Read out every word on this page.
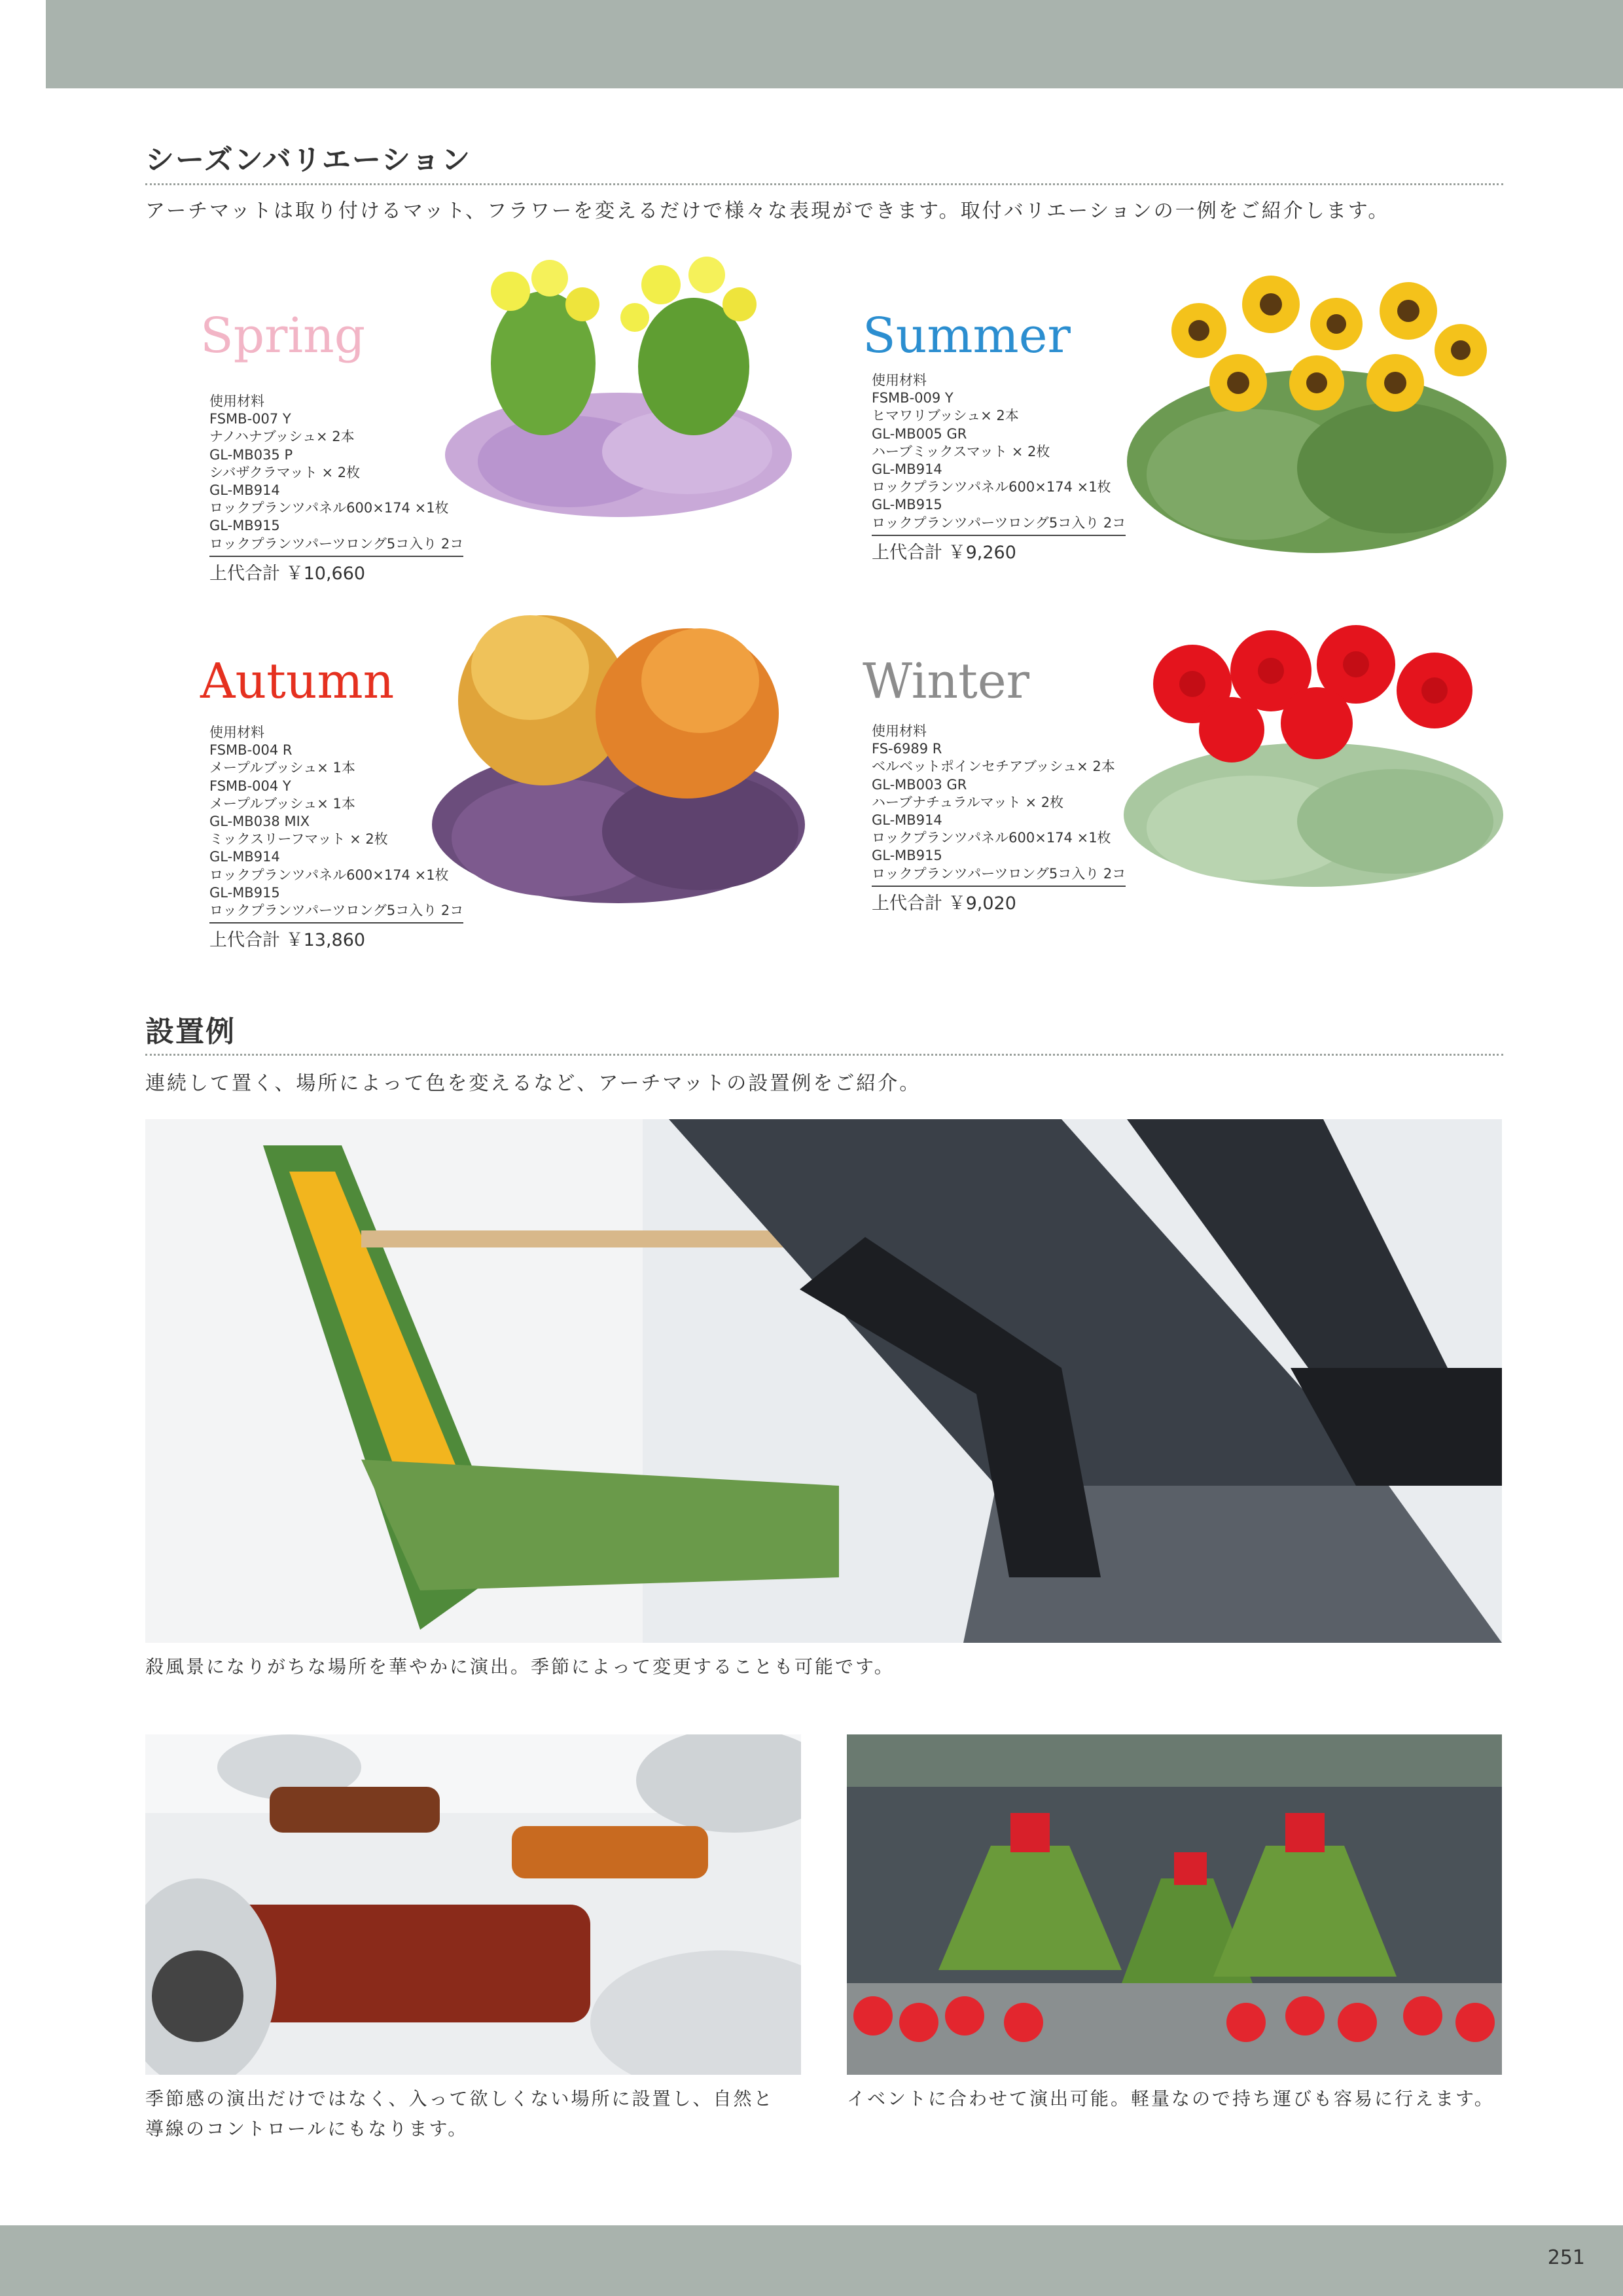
シーズンバリエーション
アーチマットは取り付けるマット、フラワーを変えるだけで様々な表現ができます。取付バリエーションの一例をご紹介します。
Spring
使用材料
FSMB-007 Y
ナノハナブッシュ× 2本
GL-MB035 P
シバザクラマット × 2枚
GL-MB914
ロックプランツパネル600×174 ×1枚
GL-MB915
ロックプランツパーツロング5コ入り 2コ
上代合計 ￥10,660
Summer
使用材料
FSMB-009 Y
ヒマワリブッシュ× 2本
GL-MB005 GR
ハーブミックスマット × 2枚
GL-MB914
ロックプランツパネル600×174 ×1枚
GL-MB915
ロックプランツパーツロング5コ入り 2コ
上代合計 ￥9,260
Autumn
使用材料
FSMB-004 R
メープルブッシュ× 1本
FSMB-004 Y
メープルブッシュ× 1本
GL-MB038 MIX
ミックスリーフマット × 2枚
GL-MB914
ロックプランツパネル600×174 ×1枚
GL-MB915
ロックプランツパーツロング5コ入り 2コ
上代合計 ￥13,860
Winter
使用材料
FS-6989 R
ベルベットポインセチアブッシュ× 2本
GL-MB003 GR
ハーブナチュラルマット × 2枚
GL-MB914
ロックプランツパネル600×174 ×1枚
GL-MB915
ロックプランツパーツロング5コ入り 2コ
上代合計 ￥9,020
設置例
連続して置く、場所によって色を変えるなど、アーチマットの設置例をご紹介。
殺風景になりがちな場所を華やかに演出。季節によって変更することも可能です。
季節感の演出だけではなく、入って欲しくない場所に設置し、自然と
導線のコントロールにもなります。
イベントに合わせて演出可能。軽量なので持ち運びも容易に行えます。
251
